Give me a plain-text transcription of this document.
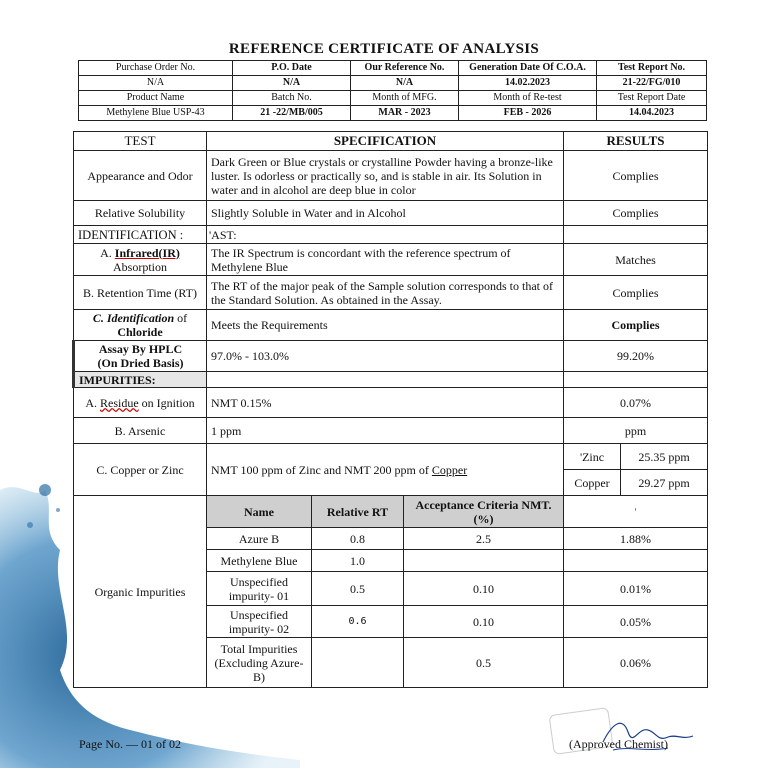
REFERENCE CERTIFICATE OF ANALYSIS
Purchase Order No.	P.O. Date	Our Reference No.	Generation Date Of C.O.A.	Test Report No.
N/A	N/A	N/A	14.02.2023	21-22/FG/010
Product Name	Batch No.	Month of MFG.	Month of Re-test	Test Report Date
Methylene Blue USP-43	21 -22/MB/005	MAR - 2023	FEB - 2026	14.04.2023
TEST	SPECIFICATION			RESULTS	
Appearance and Odor	Dark Green or Blue crystals or crystalline Powder having a bronze-like luster. Is odorless or practically so, and is stable in air. Its Solution in water and in alcohol are deep blue in color			Complies	
Relative Solubility	Slightly Soluble in Water and in Alcohol			Complies	
IDENTIFICATION :	'AST:				
A. Infrared(IR)
Absorption	The IR Spectrum is concordant with the reference spectrum of Methylene Blue			Matches	
B. Retention Time (RT)	The RT of the major peak of the Sample solution corresponds to that of the Standard Solution. As obtained in the Assay.			Complies	
C. Identification of
Chloride	Meets the Requirements			Complies	
Assay By HPLC
(On Dried Basis)	97.0% - 103.0%			99.20%	
IMPURITIES:					
A. Residue on Ignition	NMT 0.15%			0.07%	
B. Arsenic	1 ppm			ppm	
C. Copper or Zinc	NMT 100 ppm of Zinc and NMT 200 ppm of Copper			'Zinc	25.35 ppm
				Copper	29.27 ppm
Organic Impurities	Name	Relative RT	Acceptance Criteria NMT. (%)	'	
	Azure B	0.8	2.5	1.88%	
	Methylene Blue	1.0			
	Unspecified impurity- 01	0.5	0.10	0.01%	
	Unspecified impurity- 02	0.6	0.10	0.05%	
	Total Impurities (Excluding Azure-B)		0.5	0.06%	
Page No. — 01 of 02	(Approved Chemist)
